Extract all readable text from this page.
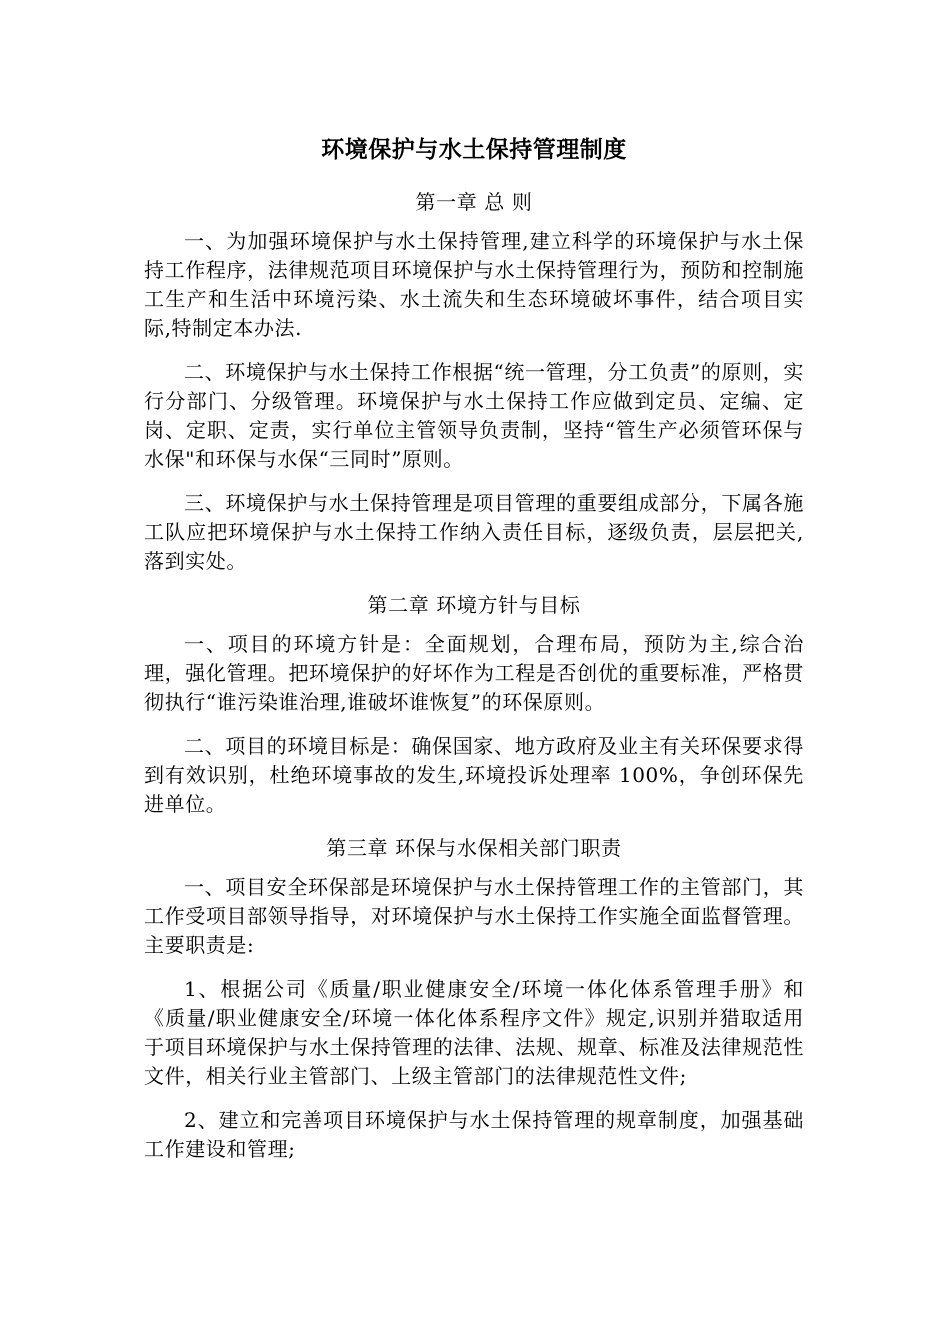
环境保护与水土保持管理制度
第一章 总 则

一、为加强环境保护与水土保持管理,建立科学的环境保护与水土保持工作程序，法律规范项目环境保护与水土保持管理行为，预防和控制施工生产和生活中环境污染、水土流失和生态环境破坏事件，结合项目实际,特制定本办法.

二、环境保护与水土保持工作根据“统一管理，分工负责”的原则，实行分部门、分级管理。环境保护与水土保持工作应做到定员、定编、定岗、定职、定责，实行单位主管领导负责制，坚持“管生产必须管环保与水保"和环保与水保“三同时”原则。

三、环境保护与水土保持管理是项目管理的重要组成部分，下属各施工队应把环境保护与水土保持工作纳入责任目标，逐级负责，层层把关,落到实处。

第二章 环境方针与目标

一、项目的环境方针是：全面规划，合理布局，预防为主,综合治理，强化管理。把环境保护的好坏作为工程是否创优的重要标准，严格贯彻执行“谁污染谁治理,谁破坏谁恢复”的环保原则。

二、项目的环境目标是：确保国家、地方政府及业主有关环保要求得到有效识别，杜绝环境事故的发生,环境投诉处理率 100%，争创环保先进单位。

第三章 环保与水保相关部门职责

一、项目安全环保部是环境保护与水土保持管理工作的主管部门，其工作受项目部领导指导，对环境保护与水土保持工作实施全面监督管理。主要职责是:

1、根据公司《质量/职业健康安全/环境一体化体系管理手册》和《质量/职业健康安全/环境一体化体系程序文件》规定,识别并猎取适用于项目环境保护与水土保持管理的法律、法规、规章、标准及法律规范性文件，相关行业主管部门、上级主管部门的法律规范性文件;

2、建立和完善项目环境保护与水土保持管理的规章制度，加强基础工作建设和管理;
